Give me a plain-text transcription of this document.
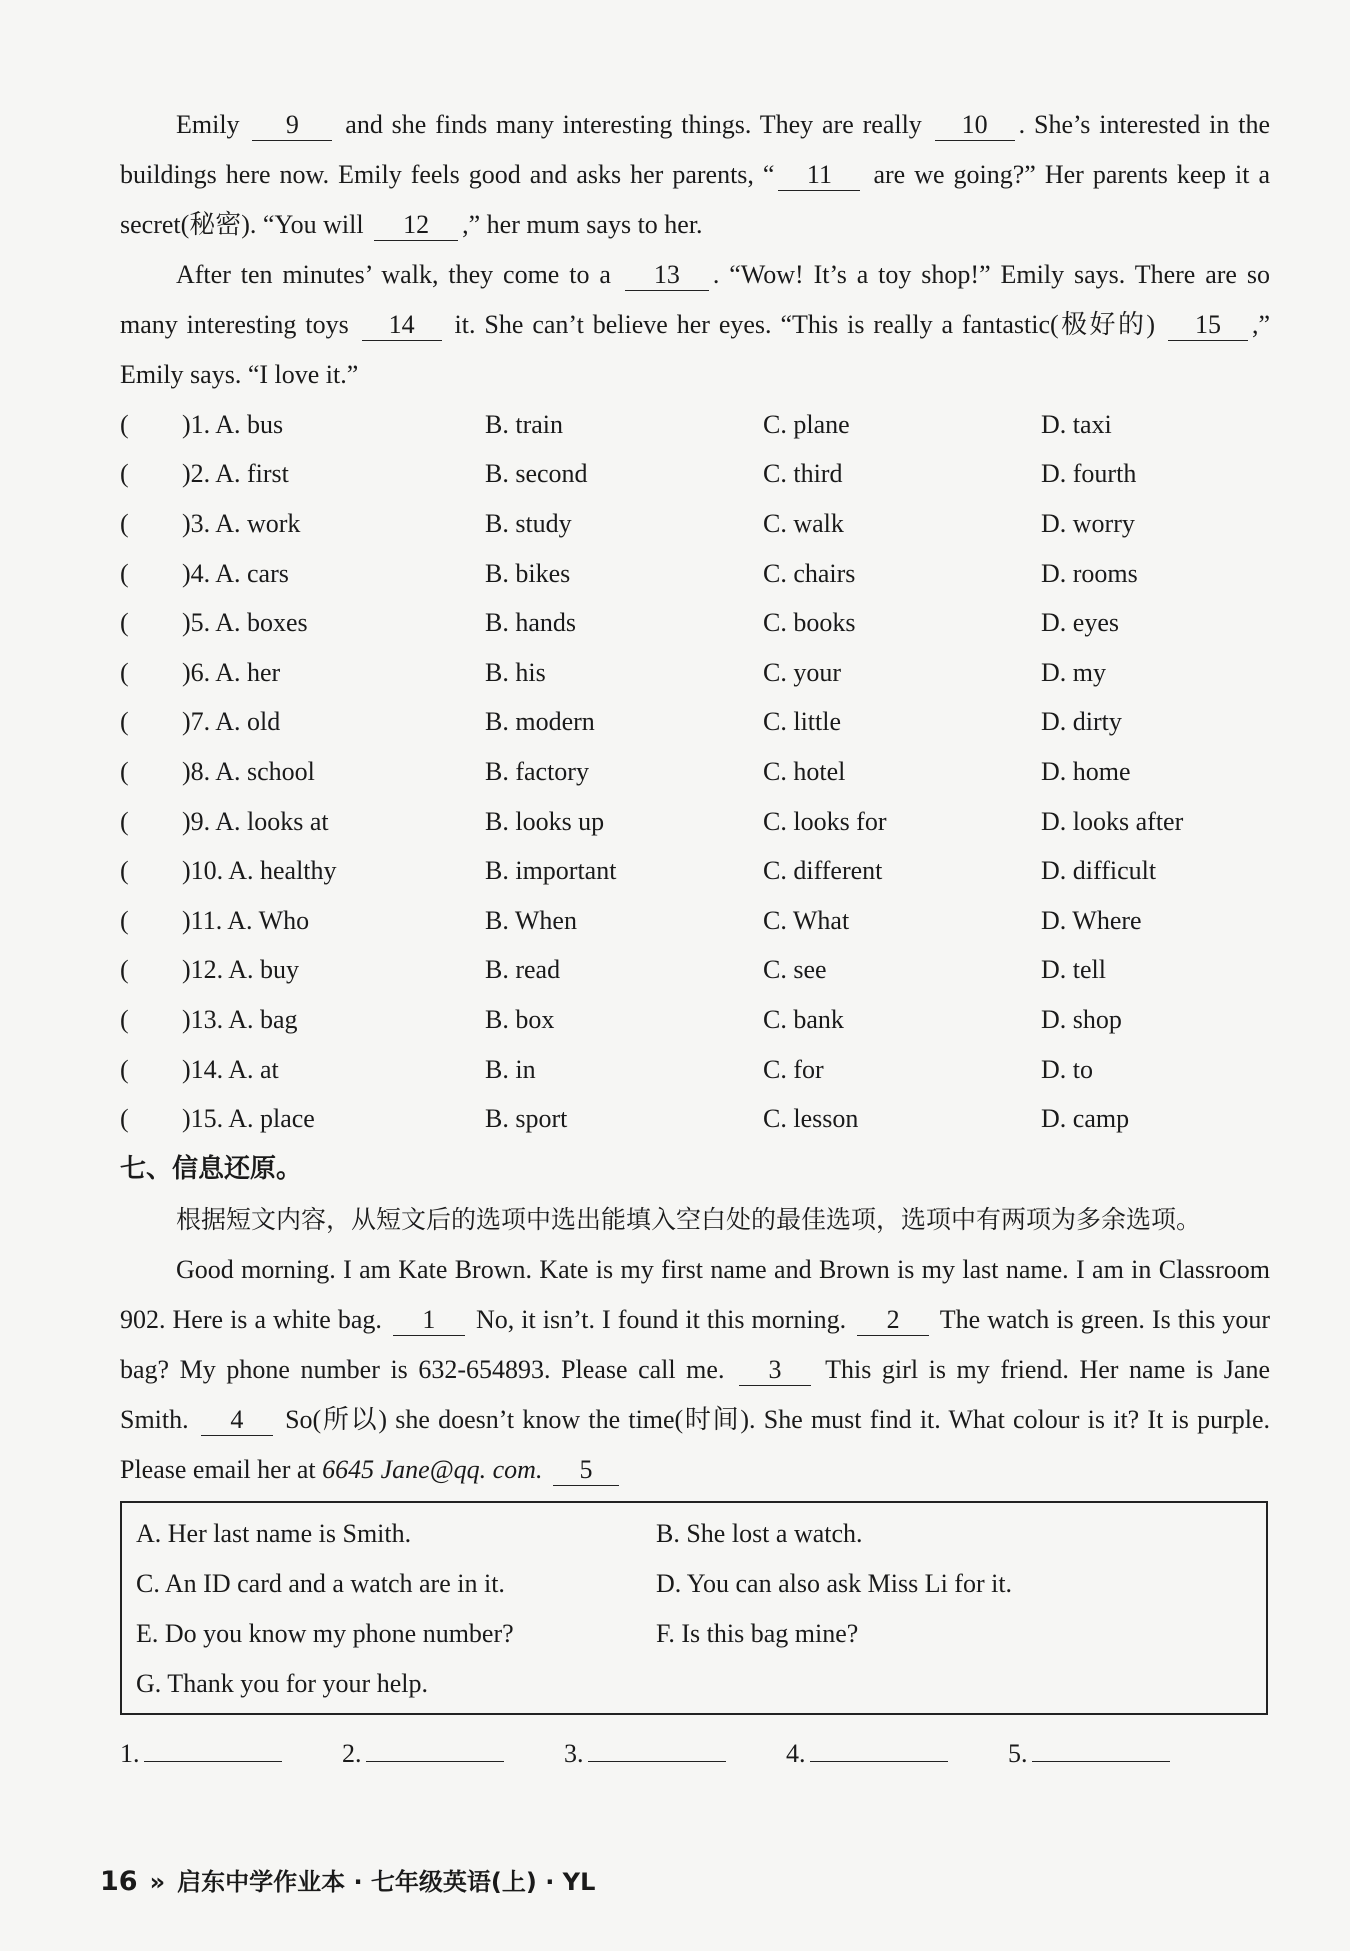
Emily 9 and she finds many interesting things. They are really 10 . She’s interested in the buildings here now. Emily feels good and asks her parents, “ 11 are we going?” Her parents keep it a secret(秘密). “You will 12 ,” her mum says to her.

After ten minutes’ walk, they come to a 13 . “Wow! It’s a toy shop!” Emily says. There are so many interesting toys 14 it. She can’t believe her eyes. “This is really a fantastic(极好的) 15 ,” Emily says. “I love it.”

(	)1. A. bus	B. train	C. plane	D. taxi
(	)2. A. first	B. second	C. third	D. fourth
(	)3. A. work	B. study	C. walk	D. worry
(	)4. A. cars	B. bikes	C. chairs	D. rooms
(	)5. A. boxes	B. hands	C. books	D. eyes
(	)6. A. her	B. his	C. your	D. my
(	)7. A. old	B. modern	C. little	D. dirty
(	)8. A. school	B. factory	C. hotel	D. home
(	)9. A. looks at	B. looks up	C. looks for	D. looks after
(	)10. A. healthy	B. important	C. different	D. difficult
(	)11. A. Who	B. When	C. What	D. Where
(	)12. A. buy	B. read	C. see	D. tell
(	)13. A. bag	B. box	C. bank	D. shop
(	)14. A. at	B. in	C. for	D. to
(	)15. A. place	B. sport	C. lesson	D. camp

七、信息还原。

根据短文内容，从短文后的选项中选出能填入空白处的最佳选项，选项中有两项为多余选项。

Good morning. I am Kate Brown. Kate is my first name and Brown is my last name. I am in Classroom 902. Here is a white bag. 1 No, it isn’t. I found it this morning. 2 The watch is green. Is this your bag? My phone number is 632-654893. Please call me. 3 This girl is my friend. Her name is Jane Smith. 4 So(所以) she doesn’t know the time(时间). She must find it. What colour is it? It is purple. Please email her at 6645 Jane@qq. com. 5

A. Her last name is Smith.	B. She lost a watch.
C. An ID card and a watch are in it.	D. You can also ask Miss Li for it.
E. Do you know my phone number?	F. Is this bag mine?
G. Thank you for your help.
1.	2.	3.	4.	5.
16 » 启东中学作业本 · 七年级英语(上) · YL
